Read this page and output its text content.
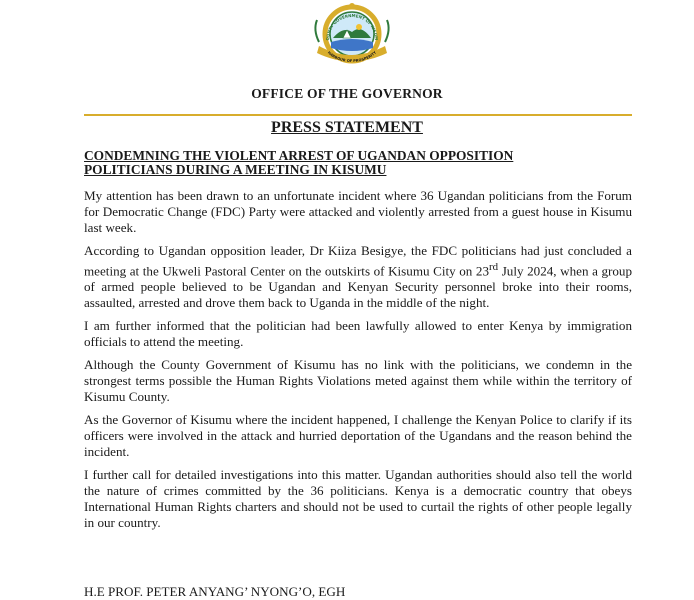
OUNTY GOVERNMENT OF KISUM
HARBOUR OF PROSPERITY
OFFICE OF THE GOVERNOR
PRESS STATEMENT
CONDEMNING THE VIOLENT ARREST OF UGANDAN OPPOSITION
POLITICIANS DURING A MEETING IN KISUMU

My attention has been drawn to an unfortunate incident where 36 Ugandan politicians from the Forum for Democratic Change (FDC) Party were attacked and violently arrested from a guest house in Kisumu last week.

According to Ugandan opposition leader, Dr Kiiza Besigye, the FDC politicians had just concluded a meeting at the Ukweli Pastoral Center on the outskirts of Kisumu City on 23rd July 2024, when a group of armed people believed to be Ugandan and Kenyan Security personnel broke into their rooms, assaulted, arrested and drove them back to Uganda in the middle of the night.

I am further informed that the politician had been lawfully allowed to enter Kenya by immigration officials to attend the meeting.

Although the County Government of Kisumu has no link with the politicians, we condemn in the strongest terms possible the Human Rights Violations meted against them while within the territory of Kisumu County.

As the Governor of Kisumu where the incident happened, I challenge the Kenyan Police to clarify if its officers were involved in the attack and hurried deportation of the Ugandans and the reason behind the incident.

I further call for detailed investigations into this matter. Ugandan authorities should also tell the world the nature of crimes committed by the 36 politicians. Kenya is a democratic country that obeys International Human Rights charters and should not be used to curtail the rights of other people legally in our country.

H.E PROF. PETER ANYANG’ NYONG’O, EGH
